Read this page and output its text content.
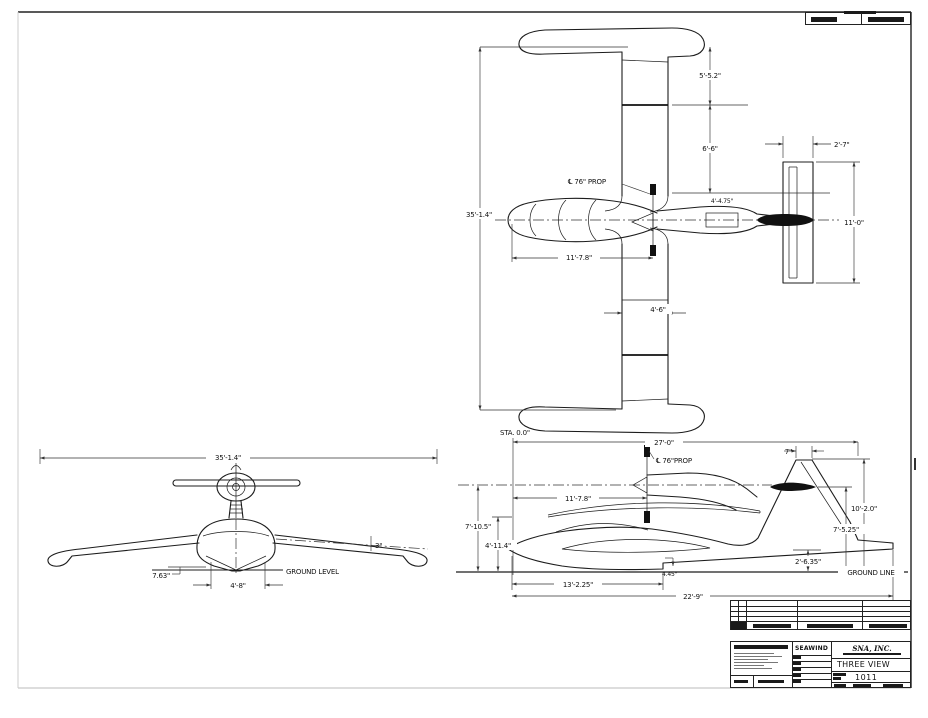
35'-1.4"
5'-5.2"
6'-6"	2'-7"
11'-0"
4'-4.75"
11'-7.8"
4'-6"
℄ 76" PROP
STA. 0.0"
27'-0"
℄ 76"PROP
11'-7.8"
7'-10.5"
4'-11.4"
7"
10'-2.0"
7'-5.25"
2'-6.35"
4.45"
13'-2.25"
22'-9"
GROUND LINE
35'-1.4"
3"
GROUND LEVEL
7.63"
4'-8"
SEAWIND	SNA, INC.
THREE VIEW
1011
